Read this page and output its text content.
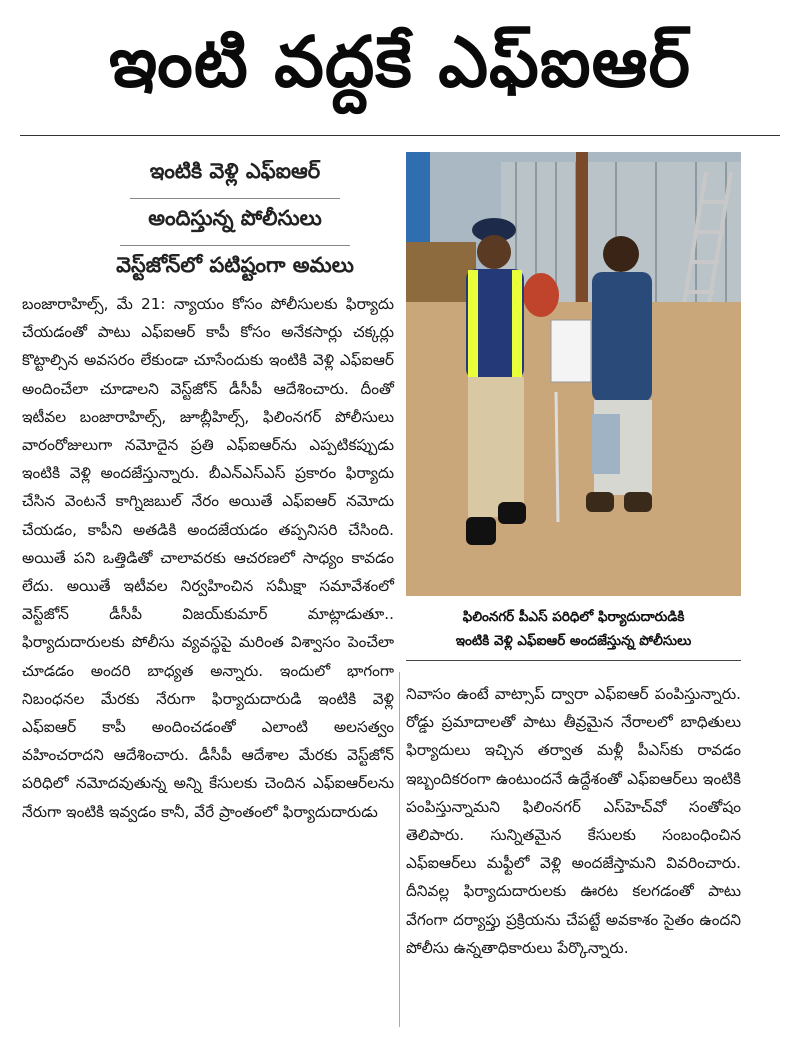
ఇంటి వద్దకే ఎఫ్ఐఆర్
ఇంటికి వెళ్లి ఎఫ్ఐఆర్
అందిస్తున్న పోలీసులు
వెస్ట్‌జోన్‌లో పటిష్టంగా అమలు

బంజారాహిల్స్, మే 21: న్యాయం కోసం పోలీసులకు ఫిర్యాదు చేయడంతో పాటు ఎఫ్ఐఆర్ కాపీ కోసం అనేకసార్లు చక్కర్లు కొట్టాల్సిన అవసరం లేకుండా చూసేందుకు ఇంటికి వెళ్లి ఎఫ్ఐఆర్ అందించేలా చూడాలని వెస్ట్‌జోన్ డీసీపీ ఆదేశించారు. దీంతో ఇటీవల బంజారాహిల్స్, జూబ్లీహిల్స్, ఫిలింనగర్ పోలీసులు వారంరోజులుగా నమోదైన ప్రతి ఎఫ్ఐఆర్‌ను ఎప్పటికప్పుడు ఇంటికి వెళ్లి అందజేస్తున్నారు. బీఎన్ఎస్ఎస్ ప్రకారం ఫిర్యాదు చేసిన వెంటనే కాగ్నిజబుల్ నేరం అయితే ఎఫ్ఐఆర్ నమోదు చేయడం, కాపీని అతడికి అందజేయడం తప్పనిసరి చేసింది. అయితే పని ఒత్తిడితో చాలావరకు ఆచరణలో సాధ్యం కావడం లేదు. అయితే ఇటీవల నిర్వహించిన సమీక్షా సమావేశంలో వెస్ట్‌జోన్ డీసీపీ విజయ్‌కుమార్ మాట్లాడుతూ.. ఫిర్యాదుదారులకు పోలీసు వ్యవస్థపై మరింత విశ్వాసం పెంచేలా చూడడం అందరి బాధ్యత అన్నారు. ఇందులో భాగంగా నిబంధనల మేరకు నేరుగా ఫిర్యాదుదారుడి ఇంటికి వెళ్లి ఎఫ్ఐఆర్ కాపీ అందించడంతో ఎలాంటి అలసత్వం వహించరాదని ఆదేశించారు. డీసీపీ ఆదేశాల మేరకు వెస్ట్‌జోన్ పరిధిలో నమోదవుతున్న అన్ని కేసులకు చెందిన ఎఫ్ఐఆర్‌లను నేరుగా ఇంటికి ఇవ్వడం కానీ, వేరే ప్రాంతంలో ఫిర్యాదుదారుడు

ఫిలింనగర్ పీఎస్ పరిధిలో ఫిర్యాదుదారుడికి
ఇంటికి వెళ్లి ఎఫ్ఐఆర్ అందజేస్తున్న పోలీసులు

నివాసం ఉంటే వాట్సాప్ ద్వారా ఎఫ్ఐఆర్ పంపిస్తున్నారు. రోడ్డు ప్రమాదాలతో పాటు తీవ్రమైన నేరాలలో బాధితులు ఫిర్యాదులు ఇచ్చిన తర్వాత మళ్లీ పీఎస్‌కు రావడం ఇబ్బందికరంగా ఉంటుందనే ఉద్దేశంతో ఎఫ్ఐఆర్‌లు ఇంటికి పంపిస్తున్నామని ఫిలింనగర్ ఎస్‌హెచ్‌వో సంతోషం తెలిపారు. సున్నితమైన కేసులకు సంబంధించిన ఎఫ్ఐఆర్‌లు మఫ్టీలో వెళ్లి అందజేస్తామని వివరించారు. దీనివల్ల ఫిర్యాదుదారులకు ఊరట కలగడంతో పాటు వేగంగా దర్యాప్తు ప్రక్రియను చేపట్టే అవకాశం సైతం ఉందని పోలీసు ఉన్నతాధికారులు పేర్కొన్నారు.
